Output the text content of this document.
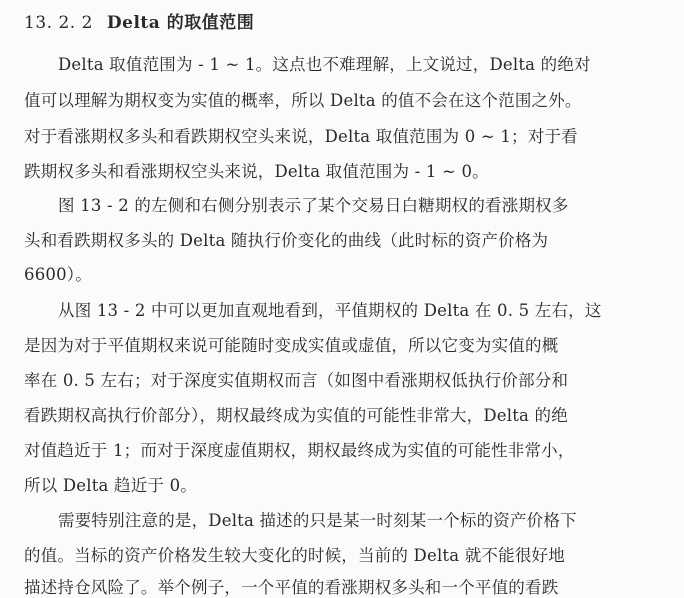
13. 2. 2 Delta 的取值范围
Delta 取值范围为 - 1 ~ 1。这点也不难理解，上文说过，Delta 的绝对
值可以理解为期权变为实值的概率，所以 Delta 的值不会在这个范围之外。
对于看涨期权多头和看跌期权空头来说，Delta 取值范围为 0 ~ 1；对于看
跌期权多头和看涨期权空头来说，Delta 取值范围为 - 1 ~ 0。
图 13 - 2 的左侧和右侧分别表示了某个交易日白糖期权的看涨期权多
头和看跌期权多头的 Delta 随执行价变化的曲线（此时标的资产价格为
6600）。
从图 13 - 2 中可以更加直观地看到，平值期权的 Delta 在 0. 5 左右，这
是因为对于平值期权来说可能随时变成实值或虚值，所以它变为实值的概
率在 0. 5 左右；对于深度实值期权而言（如图中看涨期权低执行价部分和
看跌期权高执行价部分），期权最终成为实值的可能性非常大，Delta 的绝
对值趋近于 1；而对于深度虚值期权，期权最终成为实值的可能性非常小，
所以 Delta 趋近于 0。
需要特别注意的是，Delta 描述的只是某一时刻某一个标的资产价格下
的值。当标的资产价格发生较大变化的时候，当前的 Delta 就不能很好地
描述持仓风险了。举个例子，一个平值的看涨期权多头和一个平值的看跌
